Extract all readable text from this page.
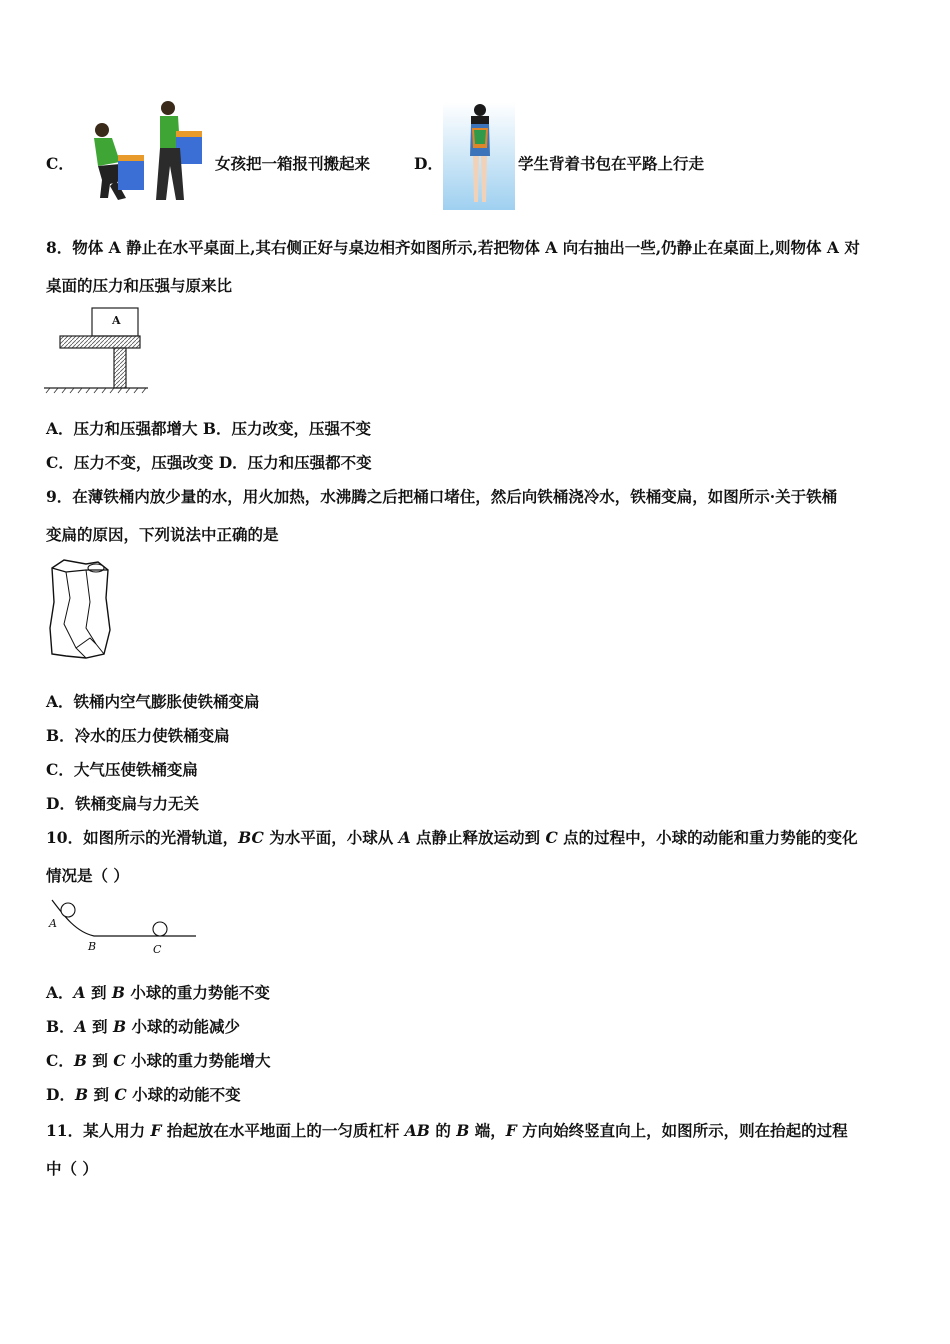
C．	女孩把一箱报刊搬起来	D．	学生背着书包在平路上行走
8．物体 A 静止在水平桌面上,其右侧正好与桌边相齐如图所示,若把物体 A 向右抽出一些,仍静止在桌面上,则物体 A 对
桌面的压力和压强与原来比
A
A．压力和压强都增大 B．压力改变，压强不变
C．压力不变，压强改变 D．压力和压强都不变
9．在薄铁桶内放少量的水，用火加热，水沸腾之后把桶口堵住，然后向铁桶浇冷水，铁桶变扁，如图所示·关于铁桶
变扁的原因，下列说法中正确的是
A．铁桶内空气膨胀使铁桶变扁
B．冷水的压力使铁桶变扁
C．大气压使铁桶变扁
D．铁桶变扁与力无关
10．如图所示的光滑轨道，BC 为水平面，小球从 A 点静止释放运动到 C 点的过程中，小球的动能和重力势能的变化
情况是（ ）
A
B	C
A．A 到 B 小球的重力势能不变
B．A 到 B 小球的动能减少
C．B 到 C 小球的重力势能增大
D．B 到 C 小球的动能不变
11．某人用力 F 抬起放在水平地面上的一匀质杠杆 AB 的 B 端，F 方向始终竖直向上，如图所示，则在抬起的过程
中（ ）
